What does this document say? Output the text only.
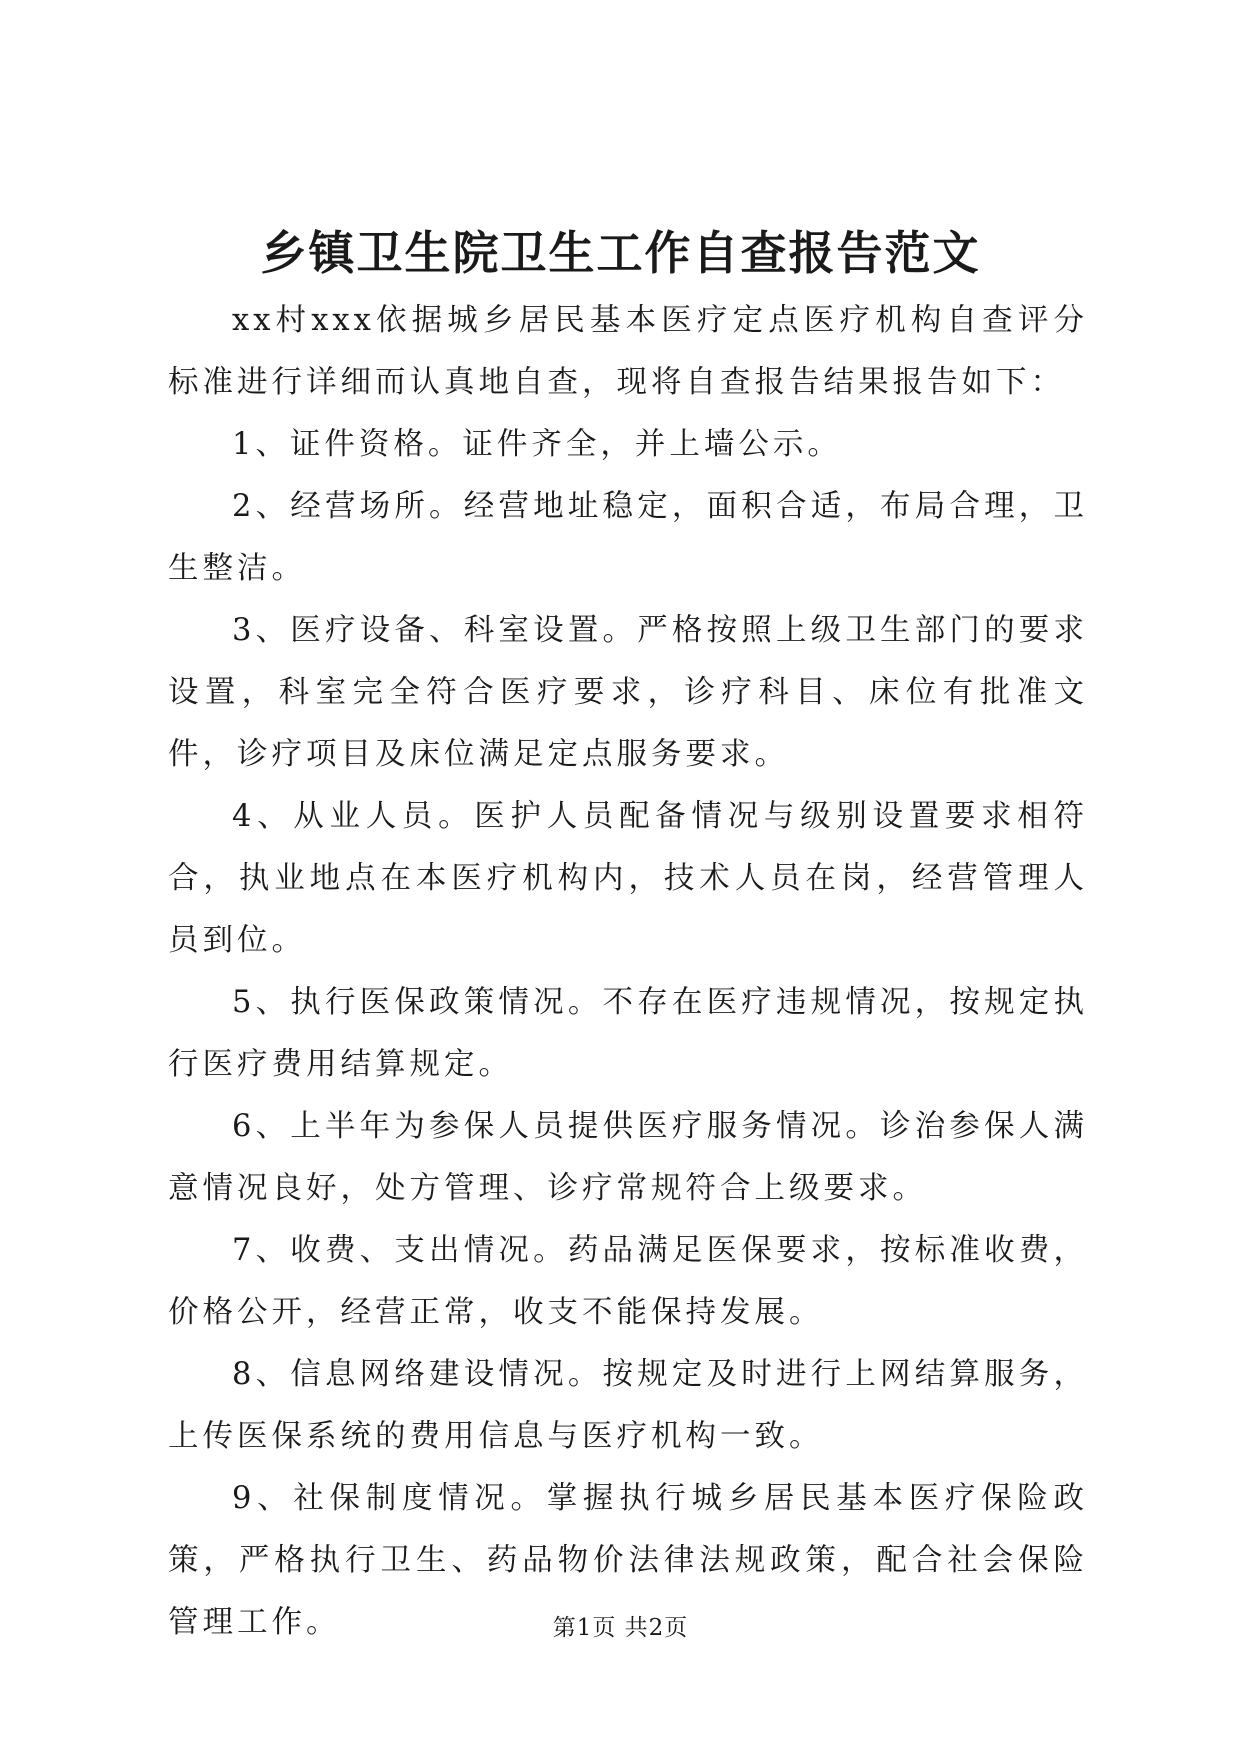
乡镇卫生院卫生工作自查报告范文

xx村xxx依据城乡居民基本医疗定点医疗机构自查评分标准进行详细而认真地自查，现将自查报告结果报告如下：

1、证件资格。证件齐全，并上墙公示。

2、经营场所。经营地址稳定，面积合适，布局合理，卫生整洁。

3、医疗设备、科室设置。严格按照上级卫生部门的要求设置，科室完全符合医疗要求，诊疗科目、床位有批准文件，诊疗项目及床位满足定点服务要求。

4、从业人员。医护人员配备情况与级别设置要求相符合，执业地点在本医疗机构内，技术人员在岗，经营管理人员到位。

5、执行医保政策情况。不存在医疗违规情况，按规定执行医疗费用结算规定。

6、上半年为参保人员提供医疗服务情况。诊治参保人满意情况良好，处方管理、诊疗常规符合上级要求。

7、收费、支出情况。药品满足医保要求，按标准收费，价格公开，经营正常，收支不能保持发展。

8、信息网络建设情况。按规定及时进行上网结算服务，上传医保系统的费用信息与医疗机构一致。

9、社保制度情况。掌握执行城乡居民基本医疗保险政策，严格执行卫生、药品物价法律法规政策，配合社会保险管理工作。	第1页 共2页
